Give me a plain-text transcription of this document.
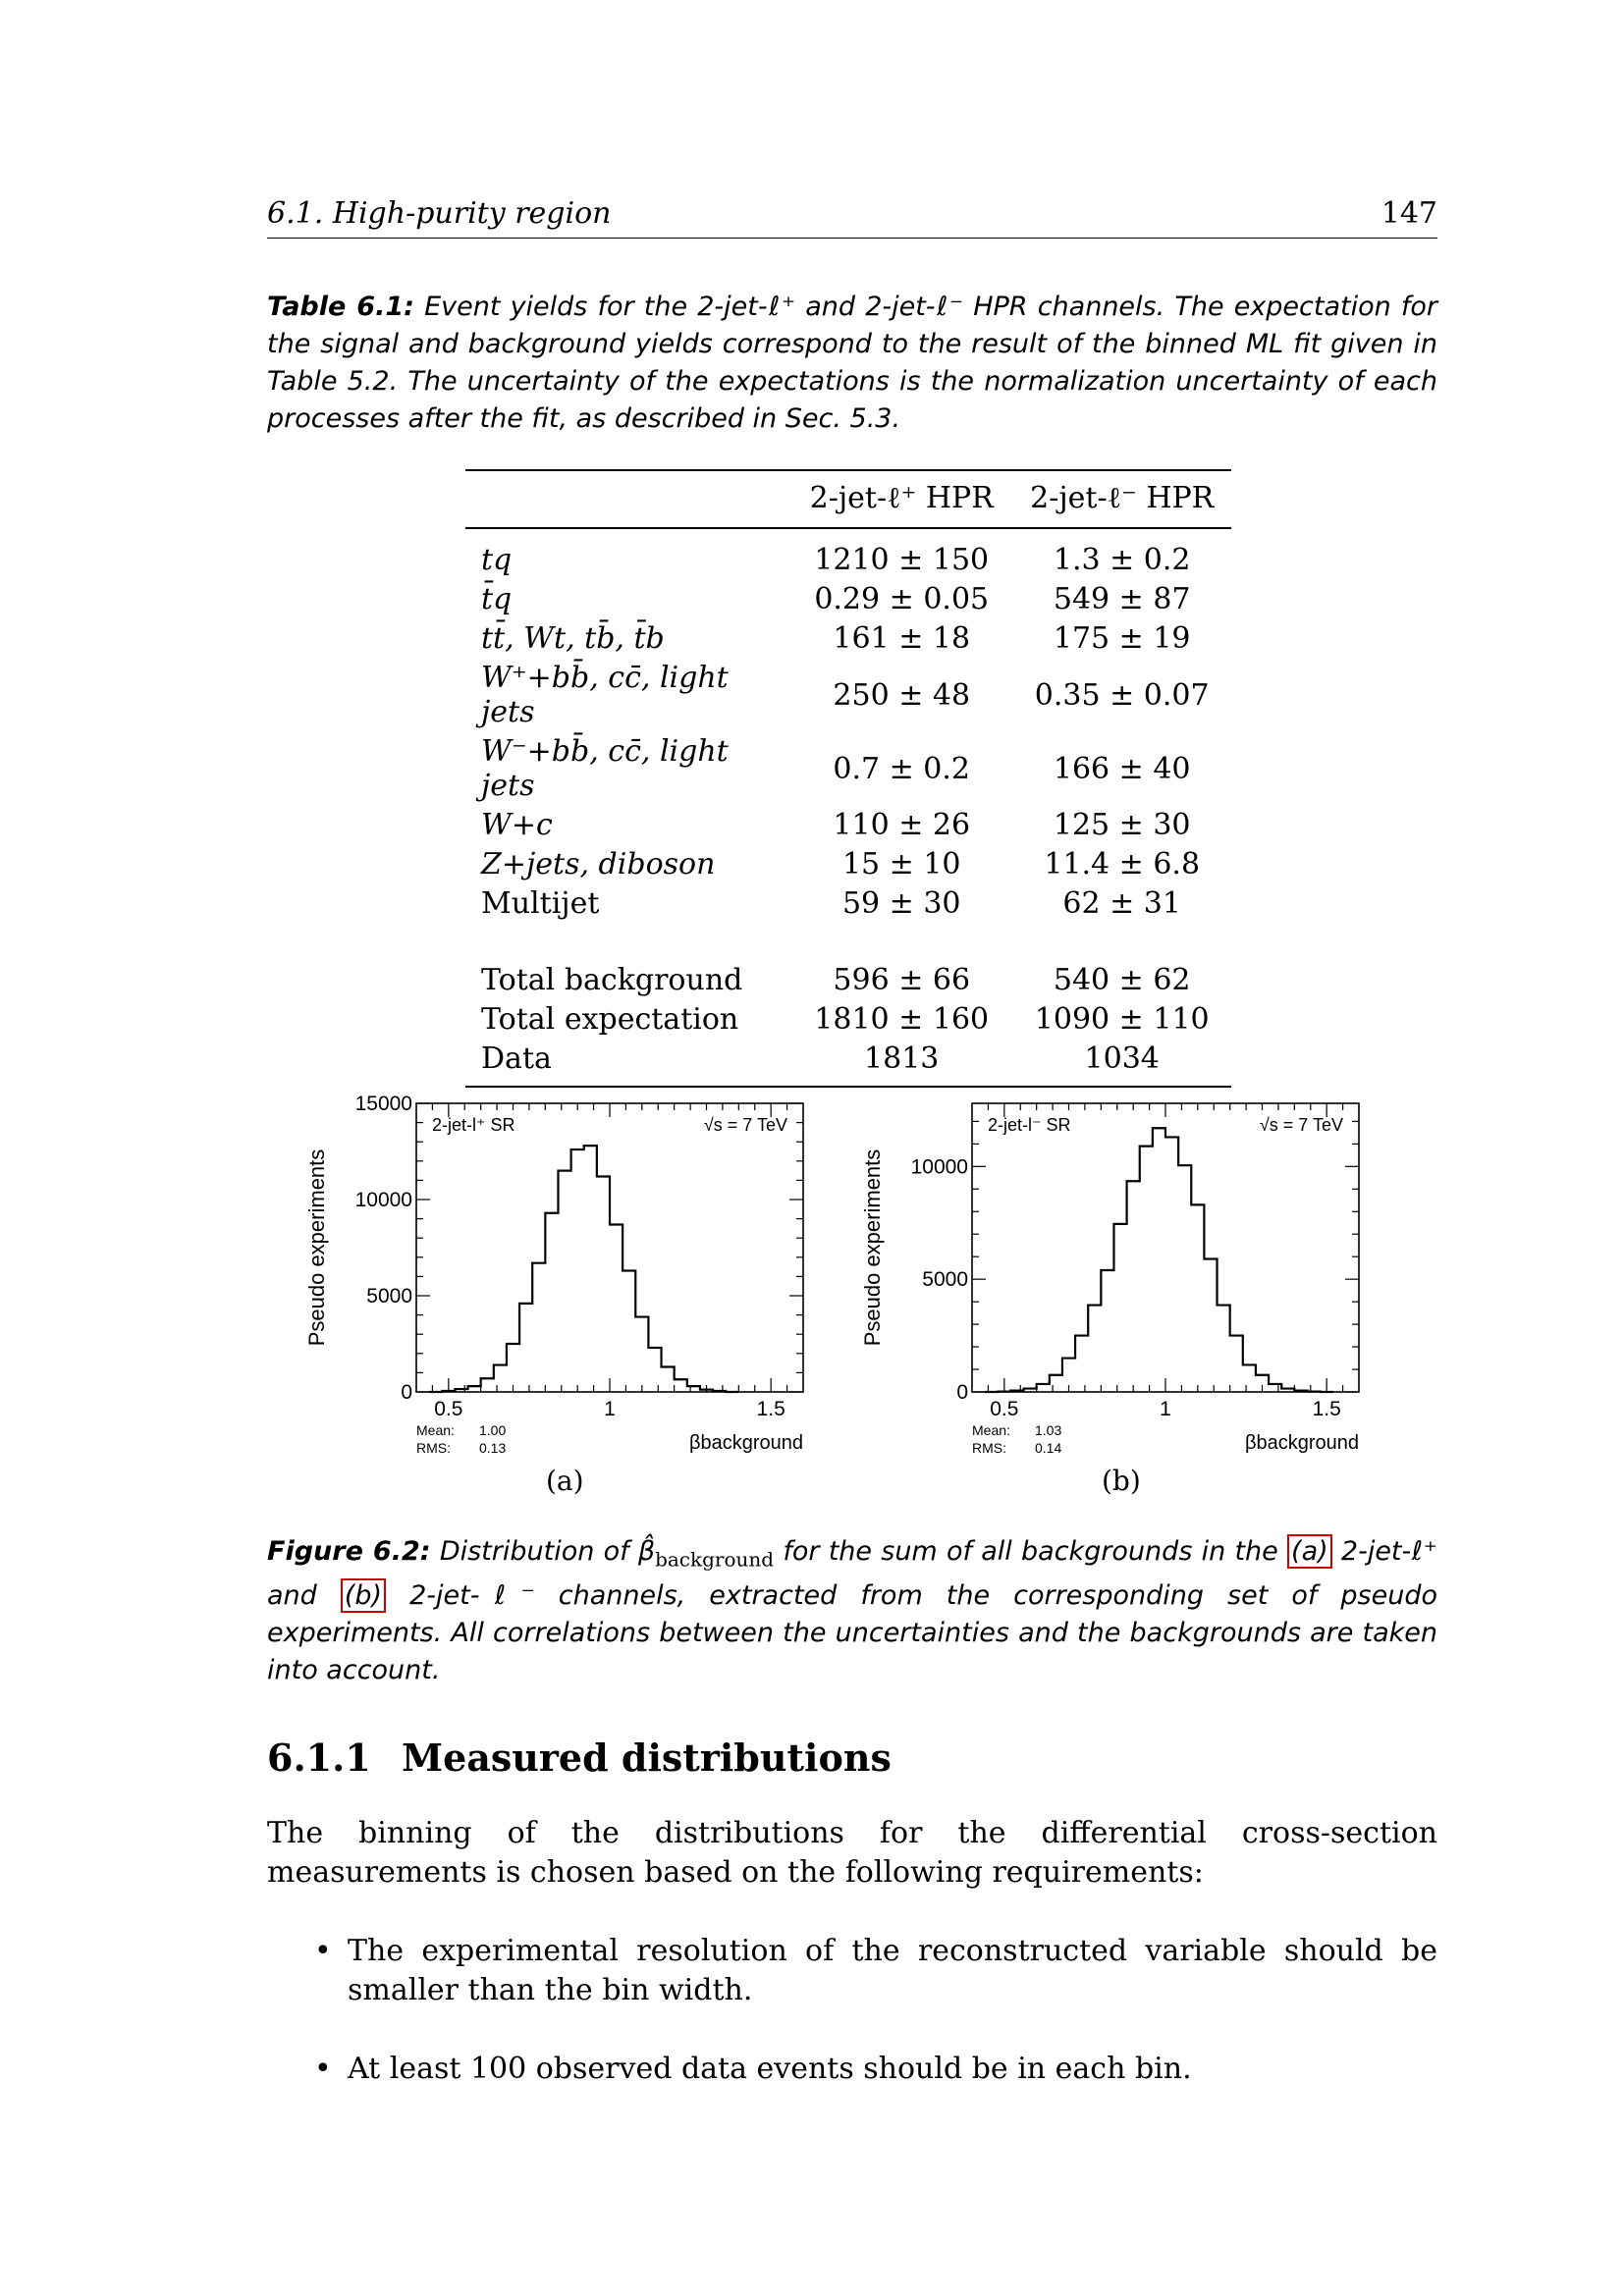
6.1. High-purity region	147
Table 6.1: Event yields for the 2-jet-ℓ⁺ and 2-jet-ℓ⁻ HPR channels. The expectation for the signal and background yields correspond to the result of the binned ML fit given in Table 5.2. The uncertainty of the expectations is the normalization uncertainty of each processes after the fit, as described in Sec. 5.3.
	2-jet-ℓ⁺ HPR	2-jet-ℓ⁻ HPR
tq	1210 ± 150	1.3 ± 0.2
t̄q	0.29 ± 0.05	549 ± 87
tt̄, Wt, tb̄, t̄b	161 ± 18	175 ± 19
W⁺+bb̄, cc̄, light jets	250 ± 48	0.35 ± 0.07
W⁻+bb̄, cc̄, light jets	0.7 ± 0.2	166 ± 40
W+c	110 ± 26	125 ± 30
Z+jets, diboson	15 ± 10	11.4 ± 6.8
Multijet	59 ± 30	62 ± 31
Total background	596 ± 66	540 ± 62
Total expectation	1810 ± 160	1090 ± 110
Data	1813	1034
Pseudo experiments
0
5000
10000
15000
0.5	1	1.5
2-jet-l⁺ SR	√s = 7 TeV
Mean: 1.00
RMS: 0.13	βbackground
(a)
Pseudo experiments
0
5000
10000
0.5	1	1.5
2-jet-l⁻ SR	√s = 7 TeV
Mean: 1.03
RMS: 0.14	βbackground
(b)
Figure 6.2: Distribution of $\betâ_{background}$ for the sum of all backgrounds in the (a) 2-jet-ℓ⁺ and (b) 2-jet-ℓ⁻ channels, extracted from the corresponding set of pseudo experiments. All correlations between the uncertainties and the backgrounds are taken into account.
6.1.1 Measured distributions
The binning of the distributions for the differential cross-section measurements is chosen based on the following requirements:
• The experimental resolution of the reconstructed variable should be smaller than the bin width.
• At least 100 observed data events should be in each bin.
